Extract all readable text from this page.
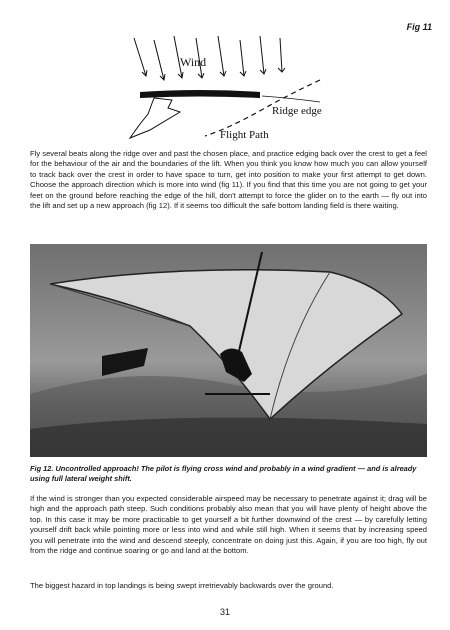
Fig 11
Wind
Ridge edge
Flight Path

Fly several beats along the ridge over and past the chosen place, and practice edging back over the crest to get a feel for the behaviour of the air and the boundaries of the lift. When you think you know how much you can allow yourself to track back over the crest in order to have space to turn, get into position to make your first attempt to get down. Choose the approach direction which is more into wind (fig 11). If you find that this time you are not going to get your feet on the ground before reaching the edge of the hill, don't attempt to force the glider on to the earth — fly out into the lift and set up a new approach (fig 12). If it seems too difficult the safe bottom landing field is there waiting.

Fig 12. Uncontrolled approach! The pilot is flying cross wind and probably in a wind gradient — and is already using full lateral weight shift.

If the wind is stronger than you expected considerable airspeed may be necessary to penetrate against it; drag will be high and the approach path steep. Such conditions probably also mean that you will have plenty of height above the top. In this case it may be more practicable to get yourself a bit further downwind of the crest — by carefully letting yourself drift back while pointing more or less into wind and while still high. When it seems that by increasing speed you will penetrate into the wind and descend steeply, concentrate on doing just this. Again, if you are too high, fly out from the ridge and continue soaring or go and land at the bottom.

The biggest hazard in top landings is being swept irretrievably backwards over the ground.

31
